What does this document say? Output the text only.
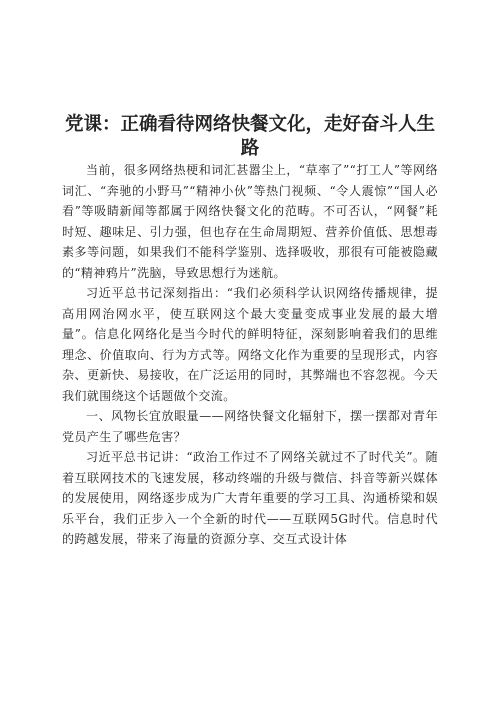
党课：正确看待网络快餐文化，走好奋斗人生
路

当前，很多网络热梗和词汇甚嚣尘上，“草率了”“打工人”等网络词汇、“奔驰的小野马”“精神小伙”等热门视频、“令人震惊”“国人必看”等吸睛新闻等都属于网络快餐文化的范畴。不可否认，“网餐”耗时短、趣味足、引力强，但也存在生命周期短、营养价值低、思想毒素多等问题，如果我们不能科学鉴别、选择吸收，那很有可能被隐藏的“精神鸦片”洗脑，导致思想行为迷航。

习近平总书记深刻指出：“我们必须科学认识网络传播规律，提高用网治网水平，使互联网这个最大变量变成事业发展的最大增量”。信息化网络化是当今时代的鲜明特征，深刻影响着我们的思维理念、价值取向、行为方式等。网络文化作为重要的呈现形式，内容杂、更新快、易接收，在广泛运用的同时，其弊端也不容忽视。今天我们就围绕这个话题做个交流。

一、风物长宜放眼量——网络快餐文化辐射下，摆一摆都对青年党员产生了哪些危害？

习近平总书记讲：“政治工作过不了网络关就过不了时代关”。随着互联网技术的飞速发展，移动终端的升级与微信、抖音等新兴媒体的发展使用，网络逐步成为广大青年重要的学习工具、沟通桥梁和娱乐平台，我们正步入一个全新的时代——互联网5G时代。信息时代的跨越发展，带来了海量的资源分享、交互式设计体
